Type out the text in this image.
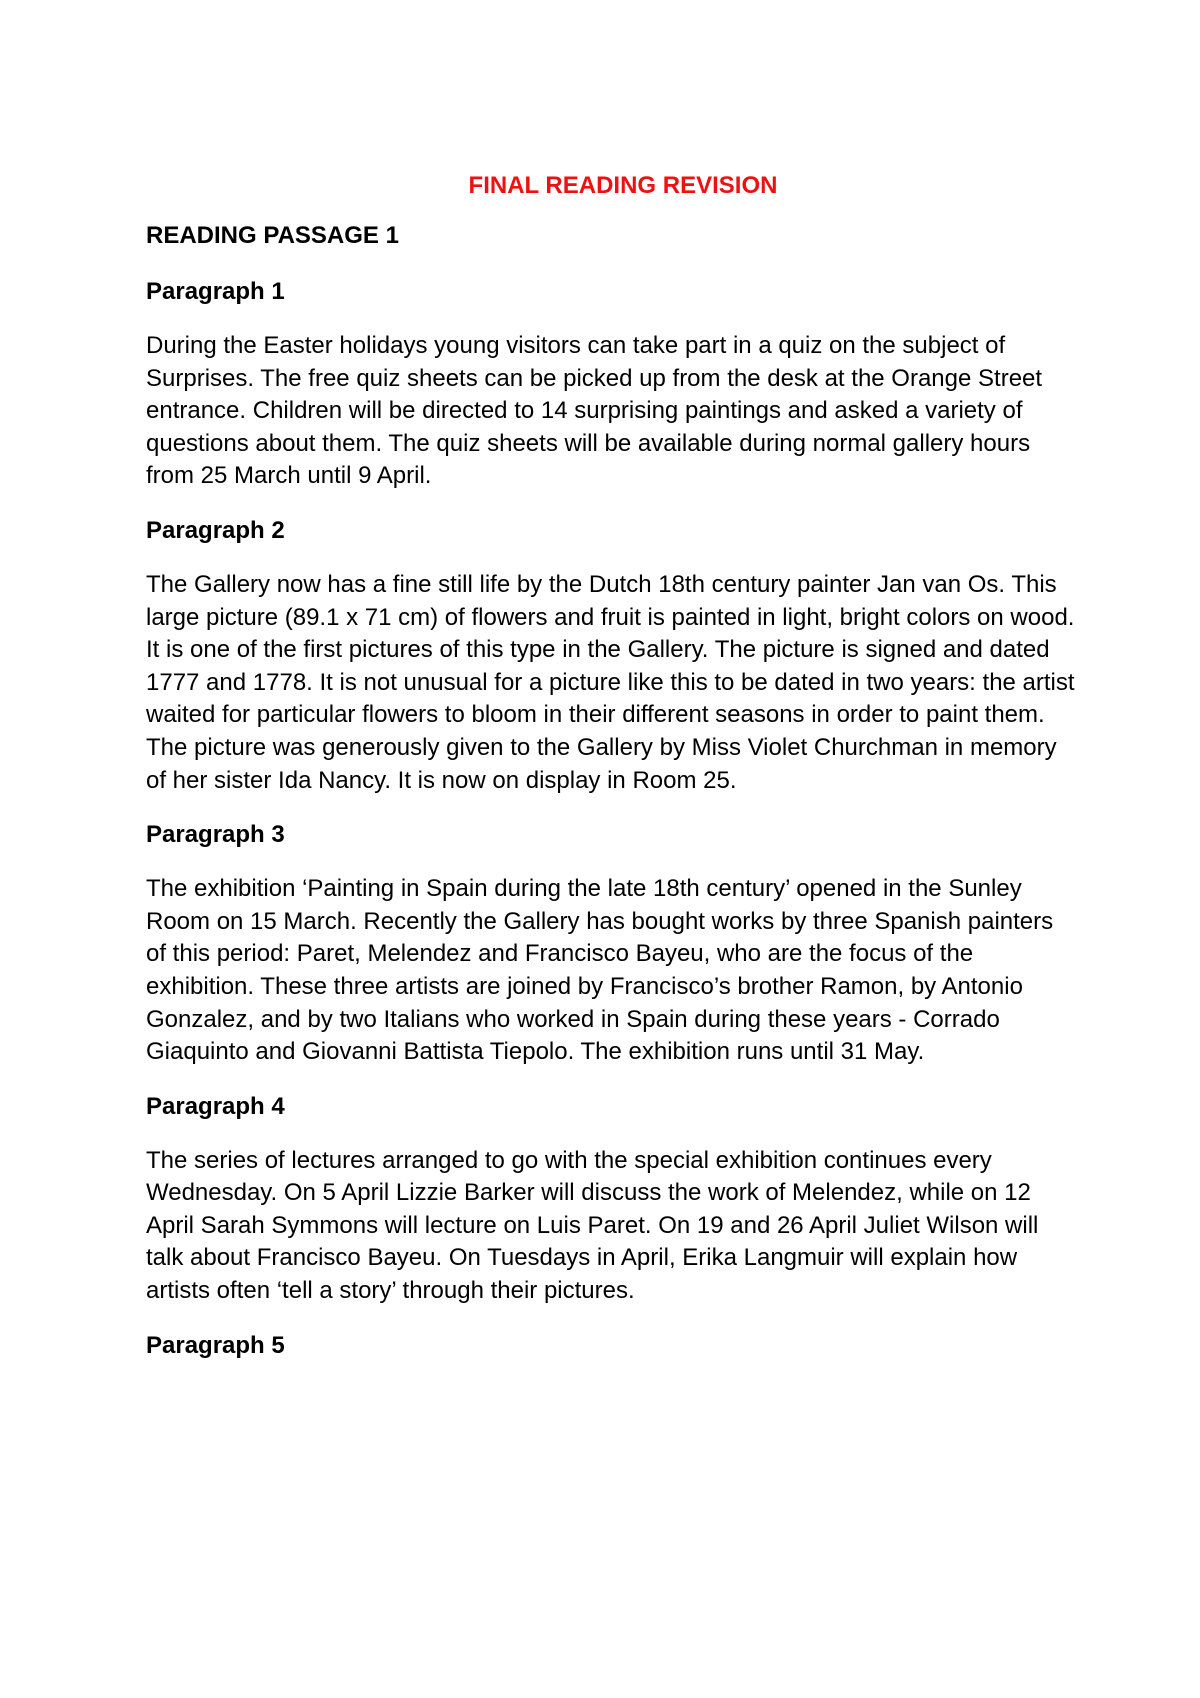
FINAL READING REVISION
READING PASSAGE 1
Paragraph 1
During the Easter holidays young visitors can take part in a quiz on the subject of Surprises. The free quiz sheets can be picked up from the desk at the Orange Street entrance. Children will be directed to 14 surprising paintings and asked a variety of questions about them. The quiz sheets will be available during normal gallery hours from 25 March until 9 April.
Paragraph 2
The Gallery now has a fine still life by the Dutch 18th century painter Jan van Os. This large picture (89.1 x 71 cm) of flowers and fruit is painted in light, bright colors on wood. It is one of the first pictures of this type in the Gallery. The picture is signed and dated 1777 and 1778. It is not unusual for a picture like this to be dated in two years: the artist waited for particular flowers to bloom in their different seasons in order to paint them. The picture was generously given to the Gallery by Miss Violet Churchman in memory of her sister Ida Nancy. It is now on display in Room 25.
Paragraph 3
The exhibition ‘Painting in Spain during the late 18th century’ opened in the Sunley Room on 15 March. Recently the Gallery has bought works by three Spanish painters of this period: Paret, Melendez and Francisco Bayeu, who are the focus of the exhibition. These three artists are joined by Francisco’s brother Ramon, by Antonio Gonzalez, and by two Italians who worked in Spain during these years - Corrado Giaquinto and Giovanni Battista Tiepolo. The exhibition runs until 31 May.
Paragraph 4
The series of lectures arranged to go with the special exhibition continues every Wednesday. On 5 April Lizzie Barker will discuss the work of Melendez, while on 12 April Sarah Symmons will lecture on Luis Paret. On 19 and 26 April Juliet Wilson will talk about Francisco Bayeu. On Tuesdays in April, Erika Langmuir will explain how artists often ‘tell a story’ through their pictures.
Paragraph 5
